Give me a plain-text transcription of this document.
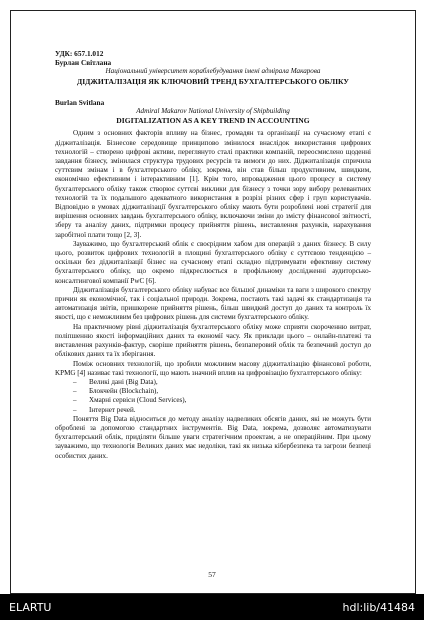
УДК: 657.1.012
Бурлан Світлана
Національний університет кораблебудування імені адмірала Макарова
ДІДЖИТАЛІЗАЦІЯ ЯК КЛЮЧОВИЙ ТРЕНД БУХГАЛТЕРСЬКОГО ОБЛІКУ
Burlan Svitlana
Admiral Makarov National University of Shipbuilding
DIGITALIZATION AS A KEY TREND IN ACCOUNTING

Одним з основних факторів впливу на бізнес, громадян та організації на сучасному етапі є діджиталізація. Бізнесове середовище принципово змінилося внаслідок використання цифрових технологій – створено цифрові активи, переглянуто сталі практики компаній, переосмислено щоденні завдання бізнесу, змінилася структура трудових ресурсів та вимоги до них. Діджиталізація спричила суттєвим змінам і в бухгалтерського обліку, зокрема, він став більш продуктивним, швидким, економічно ефективним і інтерактивним [1]. Крім того, впровадження цього процесу в систему бухгалтерського обліку також створює суттєві виклики для бізнесу з точки зору вибору релевантних технологій та їх подальшого адекватного використання в розрізі різних сфер і груп користувачів. Відповідно в умовах діджиталізації бухгалтерського обліку мають бути розроблені нові стратегії для вирішення основних завдань бухгалтерського обліку, включаючи зміни до змісту фінансової звітності, зберу та аналізу даних, підтримки процесу прийняття рішень, виставлення рахунків, нарахування заробітної плати тощо [2, 3].

Зауважимо, що бухгалтерський облік є своєрідним хабом для операцій з даних бізнесу. В силу цього, розвиток цифрових технологій в площині бухгалтерського обліку є суттєвою тенденцією – оскільки без діджиталізації бізнес на сучасному етапі складно підтримувати ефективну систему бухгалтерського обліку, що окремо підкреслюється в профільному дослідженні аудиторсько-консалтингової компанії PwC [6].

Діджиталізація бухгалтерського обліку набуває все більшої динаміки та ваги з широкого спектру причин як економічної, так і соціальної природи. Зокрема, постають такі задачі як стандартизація та автоматизація звітів, пришкорене прийняття рішень, більш швидкий доступ до даних та контроль їх якості, що є неможливим без цифрових рішень для системи бухгалтерського обліку.

На практичному рівні діджиталізація бухгалтерського обліку може сприяти скороченню витрат, поліпшенню якості інформаційних даних та економії часу. Як приклади цього – онлайн-платежі та виставлення рахунків-фактур, скоріше прийняття рішень, безпаперовий облік та безпечний доступ до облікових даних та їх зберігання.

Поміж основних технологій, що зробили можливим масову діджиталізацію фінансової роботи, KPMG [4] називає такі технології, що мають значний вплив на цифровізацію бухгалтерського обліку:

– Великі дані (Big Data),
– Блокчейн (Blockchain),
– Хмарні сервіси (Cloud Services),
– Інтернет речей.

Поняття Big Data відноситься до методу аналізу надвеликих обсягів даних, які не можуть бути оброблені за допомогою стандартних інструментів. Big Data, зокрема, дозволяє автоматизувати бухгалтерський облік, приділяти більше уваги стратегічним проектам, а не операційним. При цьому зауважимо, що технологія Великих даних має недоліки, такі як низька кібербезпека та загрози безпеці особистих даних.

57
ELARTU	hdl:lib/41484
